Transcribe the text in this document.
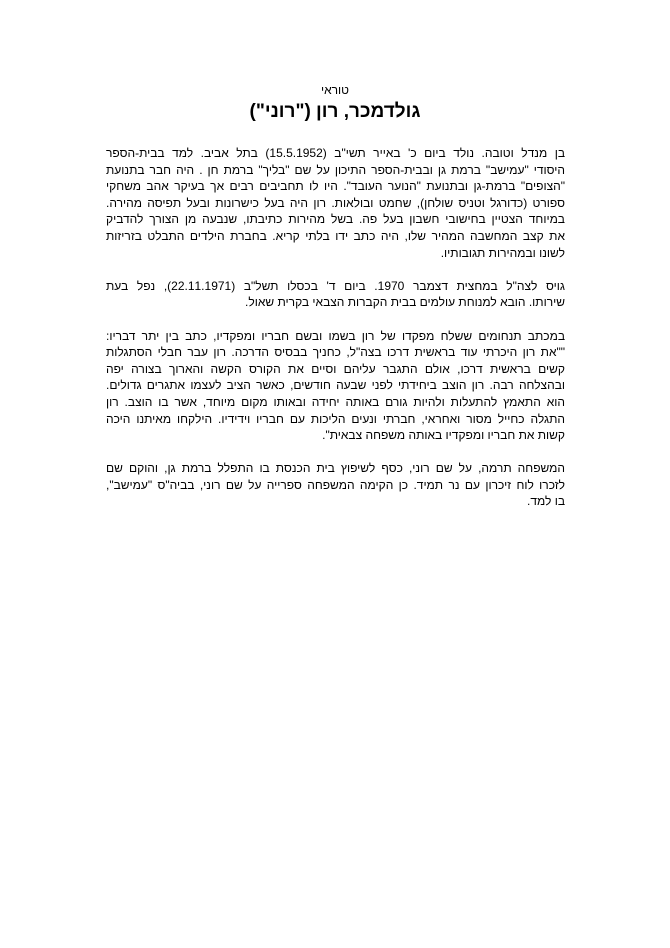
טוראי
גולדמכר, רון ("רוני")
בן מנדל וטובה. נולד ביום כ' באייר תשי"ב (15.5.1952) בתל אביב. למד בבית-הספר
היסודי "עמישב" ברמת גן ובבית-הספר התיכון על שם "בליך" ברמת חן . היה חבר בתנועת
"הצופים" ברמת-גן ובתנועת "הנוער העובד". היו לו תחביבים רבים אך בעיקר אהב משחקי
ספורט (כדורגל וטניס שולחן), שחמט ובולאות. רון היה בעל כישרונות ובעל תפיסה מהירה.
במיוחד הצטיין בחישובי חשבון בעל פה. בשל מהירות כתיבתו, שנבעה מן הצורך להדביק
את קצב המחשבה המהיר שלו, היה כתב ידו בלתי קריא. בחברת הילדים התבלט בזריזות
לשונו ובמהירות תגובותיו.
גויס לצה"ל במחצית דצמבר 1970. ביום ד' בכסלו תשל"ב (22.11.1971), נפל בעת
שירותו. הובא למנוחת עולמים בבית הקברות הצבאי בקרית שאול.
במכתב תנחומים ששלח מפקדו של רון בשמו ובשם חבריו ומפקדיו, כתב בין יתר דבריו:
""את רון היכרתי עוד בראשית דרכו בצה"ל, כחניך בבסיס הדרכה. רון עבר חבלי הסתגלות
קשים בראשית דרכו, אולם התגבר עליהם וסיים את הקורס הקשה והארוך בצורה יפה
ובהצלחה רבה. רון הוצב ביחידתי לפני שבעה חודשים, כאשר הציב לעצמו אתגרים גדולים.
הוא התאמץ להתעלות ולהיות גורם באותה יחידה ובאותו מקום מיוחד, אשר בו הוצב. רון
התגלה כחייל מסור ואחראי, חברתי ונעים הליכות עם חבריו וידידיו. הילקחו מאיתנו היכה
קשות את חבריו ומפקדיו באותה משפחה צבאית".
המשפחה תרמה, על שם רוני, כסף לשיפוץ בית הכנסת בו התפלל ברמת גן, והוקם שם
לזכרו לוח זיכרון עם נר תמיד. כן הקימה המשפחה ספרייה על שם רוני, בביה"ס "עמישב",
בו למד.
